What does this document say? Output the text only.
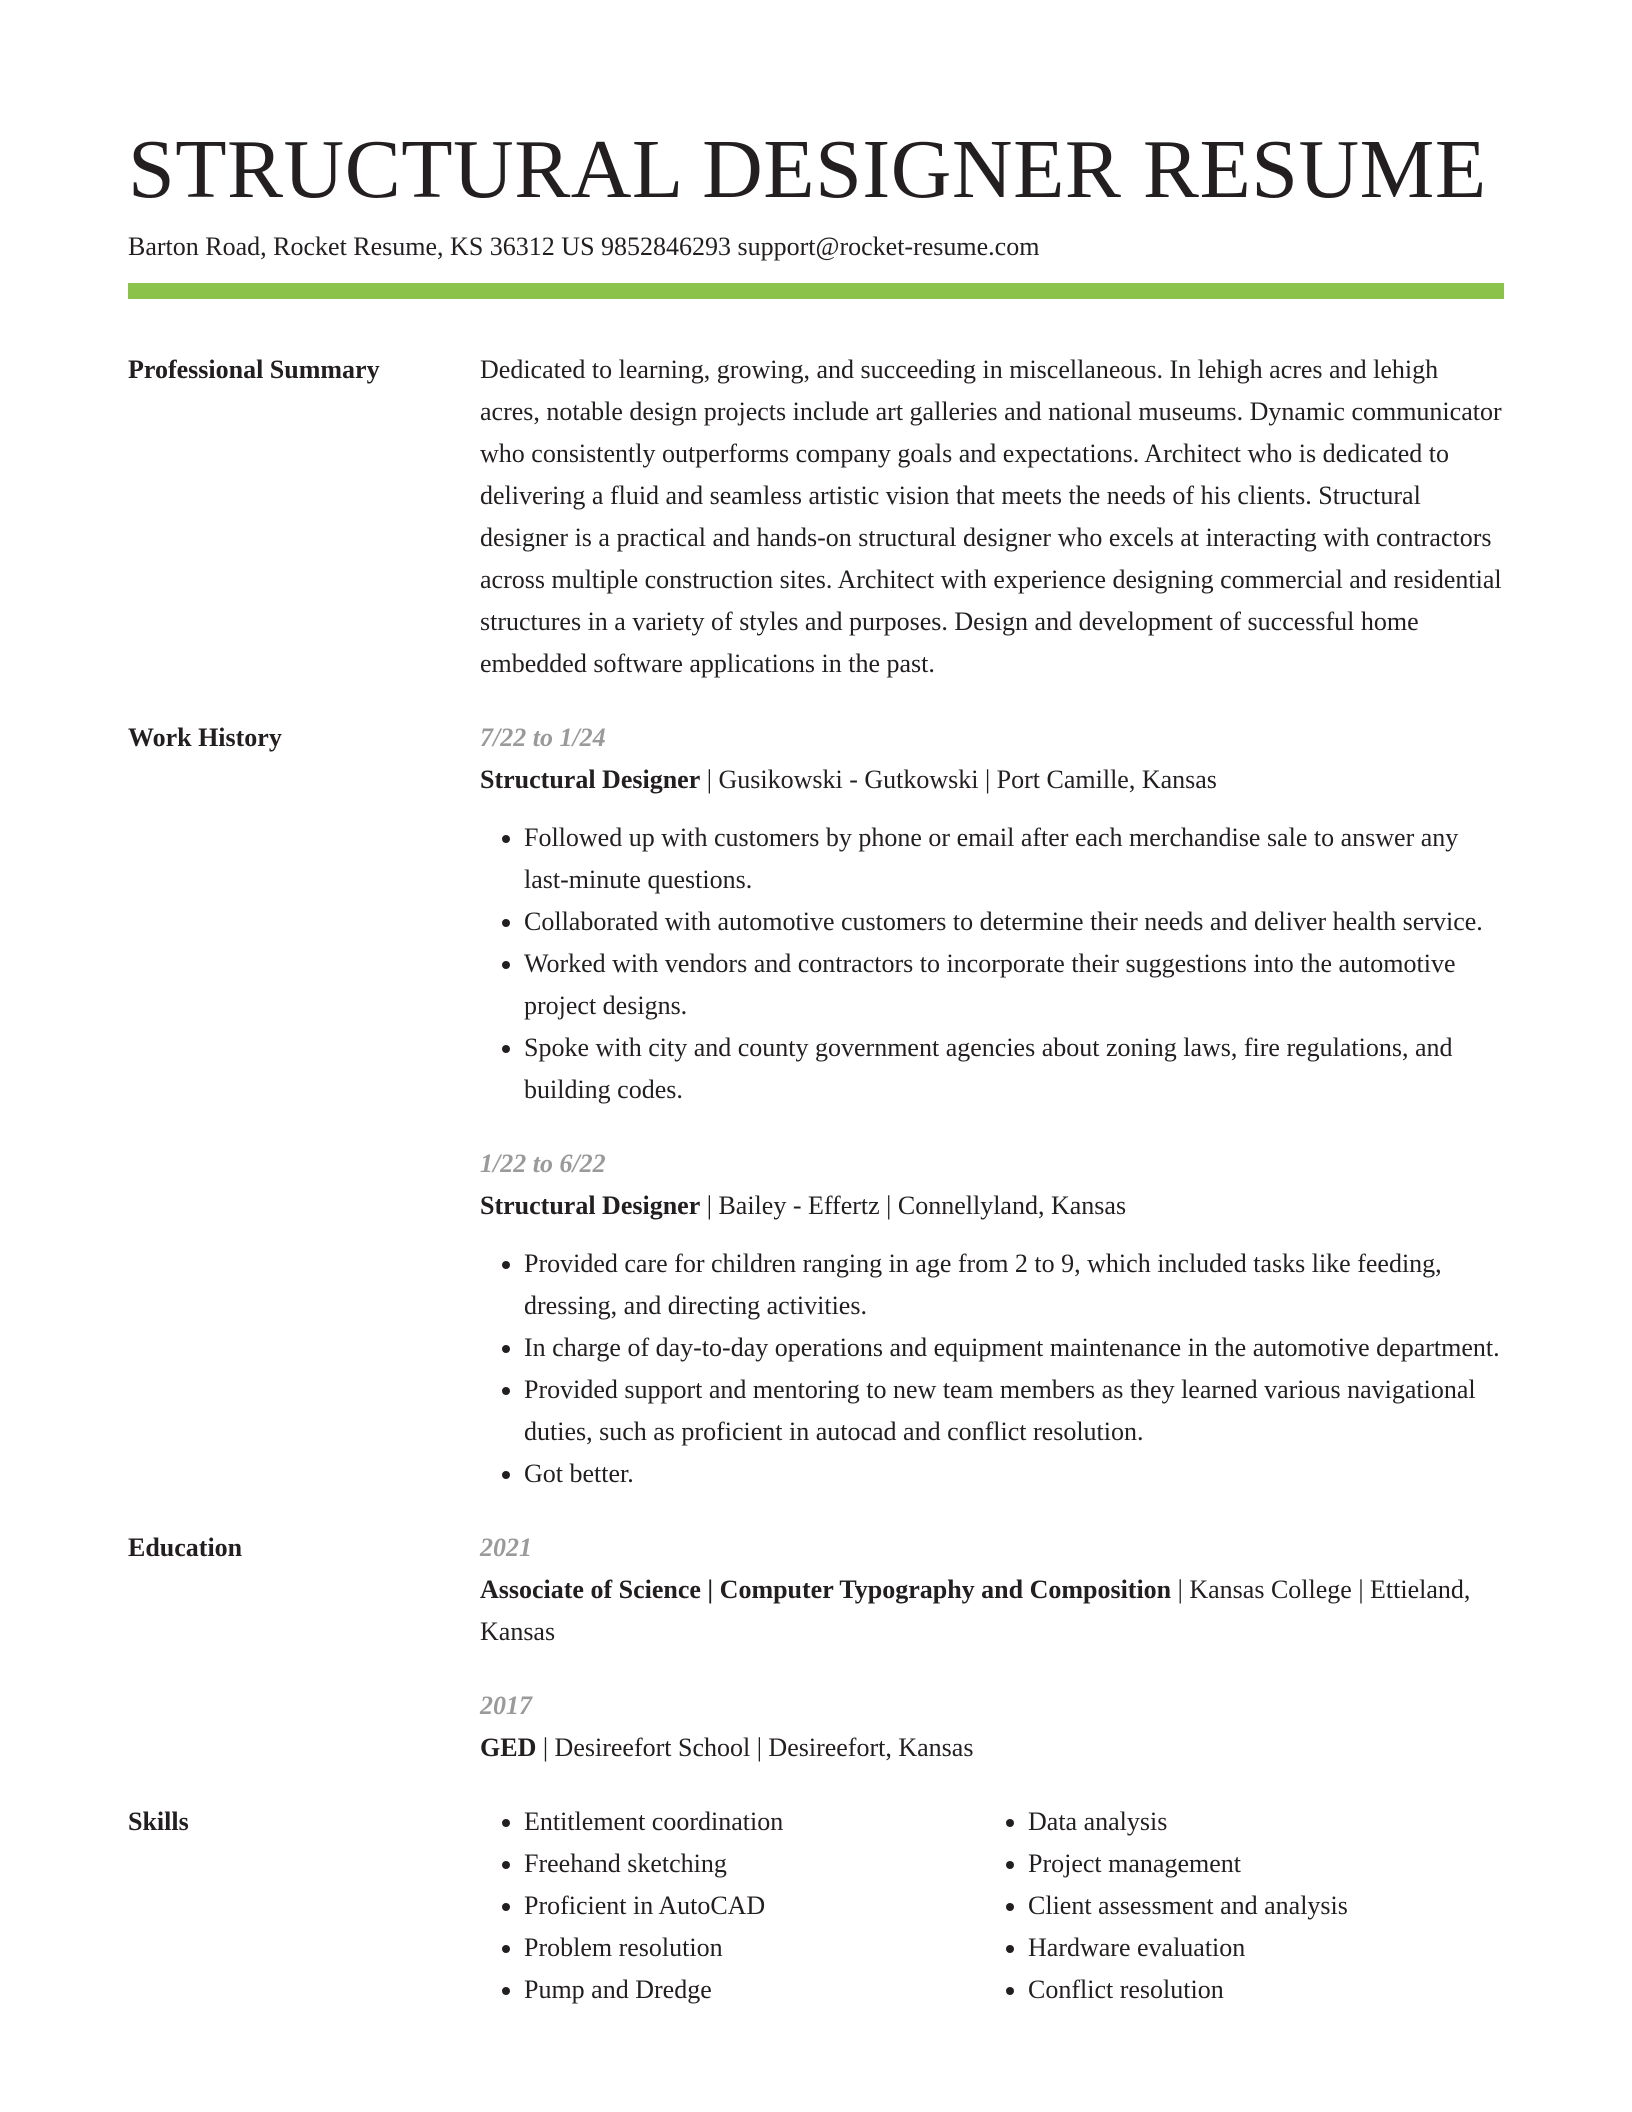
STRUCTURAL DESIGNER RESUME
Barton Road, Rocket Resume, KS 36312 US 9852846293 support@rocket-resume.com
Professional Summary	Dedicated to learning, growing, and succeeding in miscellaneous. In lehigh acres and lehigh acres, notable design projects include art galleries and national museums. Dynamic communicator who consistently outperforms company goals and expectations. Architect who is dedicated to delivering a fluid and seamless artistic vision that meets the needs of his clients. Structural designer is a practical and hands-on structural designer who excels at interacting with contractors across multiple construction sites. Architect with experience designing commercial and residential structures in a variety of styles and purposes. Design and development of successful home embedded software applications in the past.

Work History	7/22 to 1/24
Structural Designer | Gusikowski - Gutkowski | Port Camille, Kansas
• Followed up with customers by phone or email after each merchandise sale to answer any last-minute questions.
• Collaborated with automotive customers to determine their needs and deliver health service.
• Worked with vendors and contractors to incorporate their suggestions into the automotive project designs.
• Spoke with city and county government agencies about zoning laws, fire regulations, and building codes.
1/22 to 6/22
Structural Designer | Bailey - Effertz | Connellyland, Kansas
• Provided care for children ranging in age from 2 to 9, which included tasks like feeding, dressing, and directing activities.
• In charge of day-to-day operations and equipment maintenance in the automotive department.
• Provided support and mentoring to new team members as they learned various navigational duties, such as proficient in autocad and conflict resolution.
• Got better.
Education	2021
Associate of Science | Computer Typography and Composition | Kansas College | Ettieland, Kansas
2017
GED | Desireefort School | Desireefort, Kansas
Skills
•	Entitlement coordination
• Freehand sketching
• Proficient in AutoCAD
• Problem resolution
• Pump and Dredge
• Data analysis
• Project management
• Client assessment and analysis
• Hardware evaluation
• Conflict resolution
